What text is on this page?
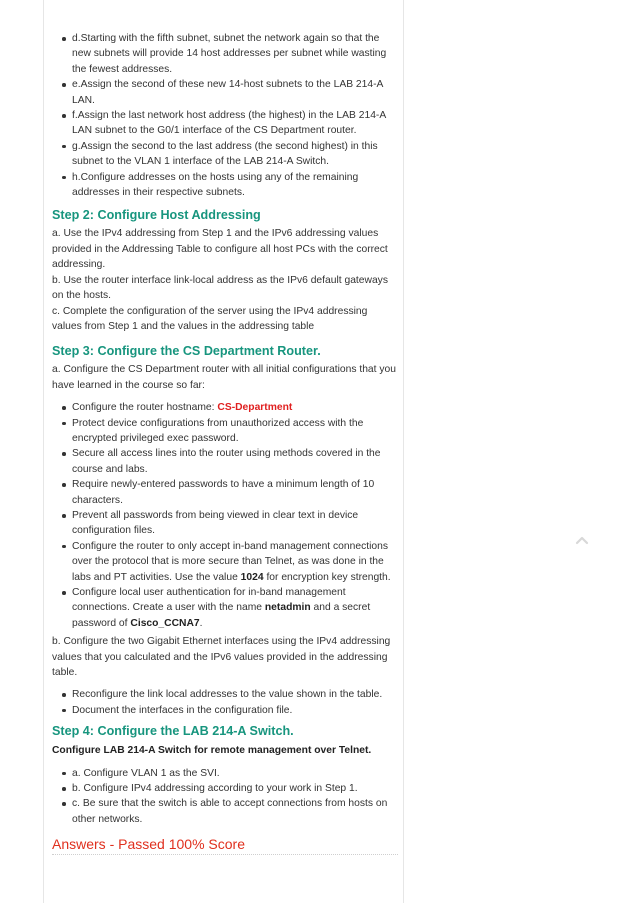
d.Starting with the fifth subnet, subnet the network again so that the new subnets will provide 14 host addresses per subnet while wasting the fewest addresses.
e.Assign the second of these new 14-host subnets to the LAB 214-A LAN.
f.Assign the last network host address (the highest) in the LAB 214-A LAN subnet to the G0/1 interface of the CS Department router.
g.Assign the second to the last address (the second highest) in this subnet to the VLAN 1 interface of the LAB 214-A Switch.
h.Configure addresses on the hosts using any of the remaining addresses in their respective subnets.
Step 2: Configure Host Addressing

a. Use the IPv4 addressing from Step 1 and the IPv6 addressing values provided in the Addressing Table to configure all host PCs with the correct addressing.

b. Use the router interface link-local address as the IPv6 default gateways on the hosts.

c. Complete the configuration of the server using the IPv4 addressing values from Step 1 and the values in the addressing table

Step 3: Configure the CS Department Router.

a. Configure the CS Department router with all initial configurations that you have learned in the course so far:

Configure the router hostname: CS-Department
Protect device configurations from unauthorized access with the encrypted privileged exec password.
Secure all access lines into the router using methods covered in the course and labs.
Require newly-entered passwords to have a minimum length of 10 characters.
Prevent all passwords from being viewed in clear text in device configuration files.
Configure the router to only accept in-band management connections over the protocol that is more secure than Telnet, as was done in the labs and PT activities. Use the value 1024 for encryption key strength.
Configure local user authentication for in-band management connections. Create a user with the name netadmin and a secret password of Cisco_CCNA7.

b. Configure the two Gigabit Ethernet interfaces using the IPv4 addressing values that you calculated and the IPv6 values provided in the addressing table.

Reconfigure the link local addresses to the value shown in the table.
Document the interfaces in the configuration file.
Step 4: Configure the LAB 214-A Switch.

Configure LAB 214-A Switch for remote management over Telnet.

a. Configure VLAN 1 as the SVI.
b. Configure IPv4 addressing according to your work in Step 1.
c. Be sure that the switch is able to accept connections from hosts on other networks.
Answers - Passed 100% Score
